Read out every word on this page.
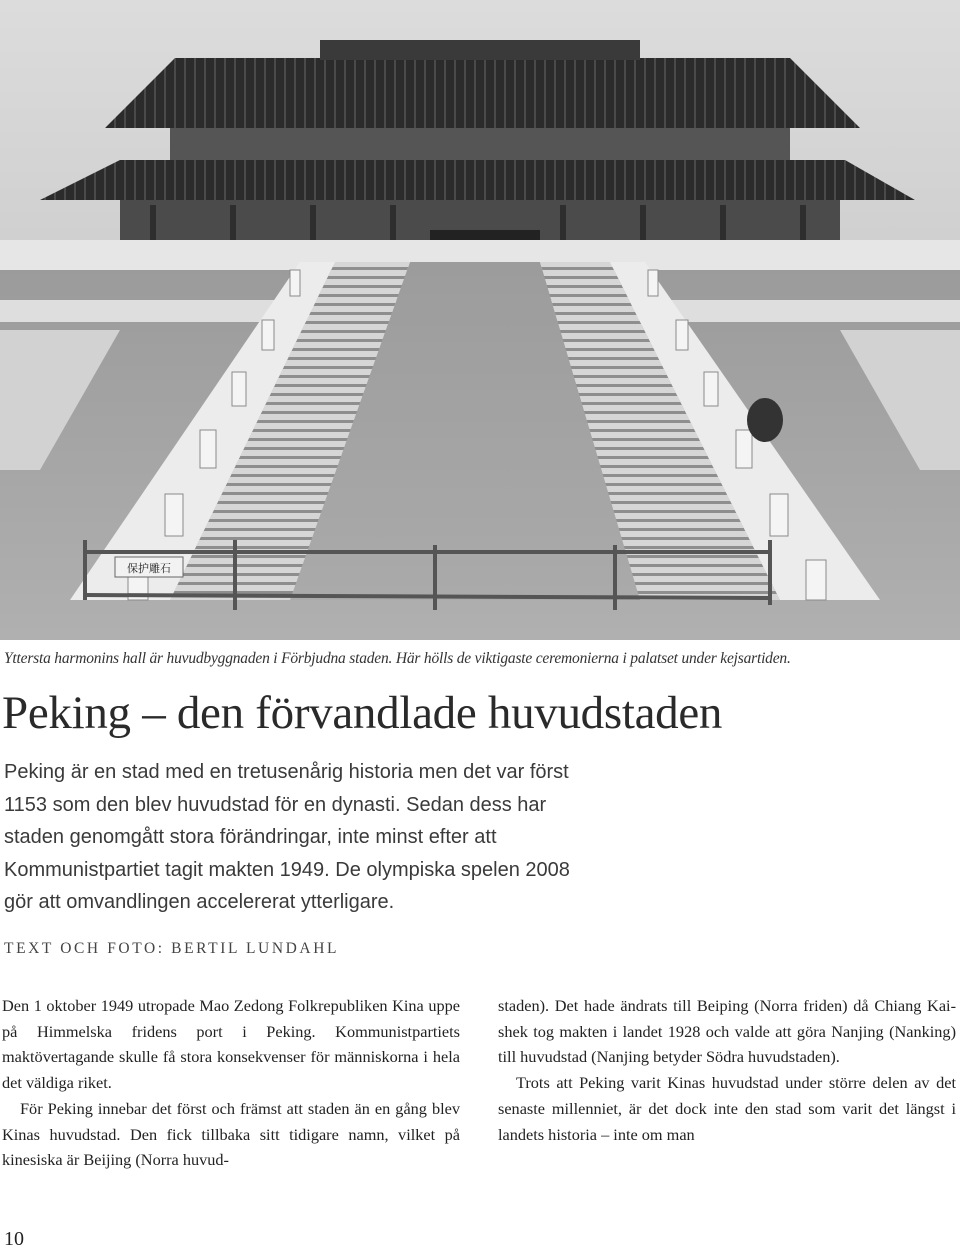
保护雕石
Yttersta harmonins hall är huvudbyggnaden i Förbjudna staden. Här hölls de viktigaste ceremonierna i palatset under kejsartiden.
Peking – den förvandlade huvudstaden

Peking är en stad med en tretusenårig historia men det var först 1153 som den blev huvudstad för en dynasti. Sedan dess har staden genomgått stora förändringar, inte minst efter att Kommunistpartiet tagit makten 1949. De olympiska spelen 2008 gör att omvandlingen accelererat ytterligare.

TEXT OCH FOTO: BERTIL LUNDAHL

Den 1 oktober 1949 utropade Mao Zedong Folkrepubliken Kina uppe på Himmelska fridens port i Peking. Kommunistpartiets maktövertagande skulle få stora konsekvenser för människorna i hela det väldiga riket.

För Peking innebar det först och främst att staden än en gång blev Kinas huvudstad. Den fick tillbaka sitt tidigare namn, vilket på kinesiska är Beijing (Norra huvud-

staden). Det hade ändrats till Beiping (Norra friden) då Chiang Kai-shek tog makten i landet 1928 och valde att göra Nanjing (Nanking) till huvudstad (Nanjing betyder Södra huvudstaden).

Trots att Peking varit Kinas huvudstad under större delen av det senaste millenniet, är det dock inte den stad som varit det längst i landets historia – inte om man

10
